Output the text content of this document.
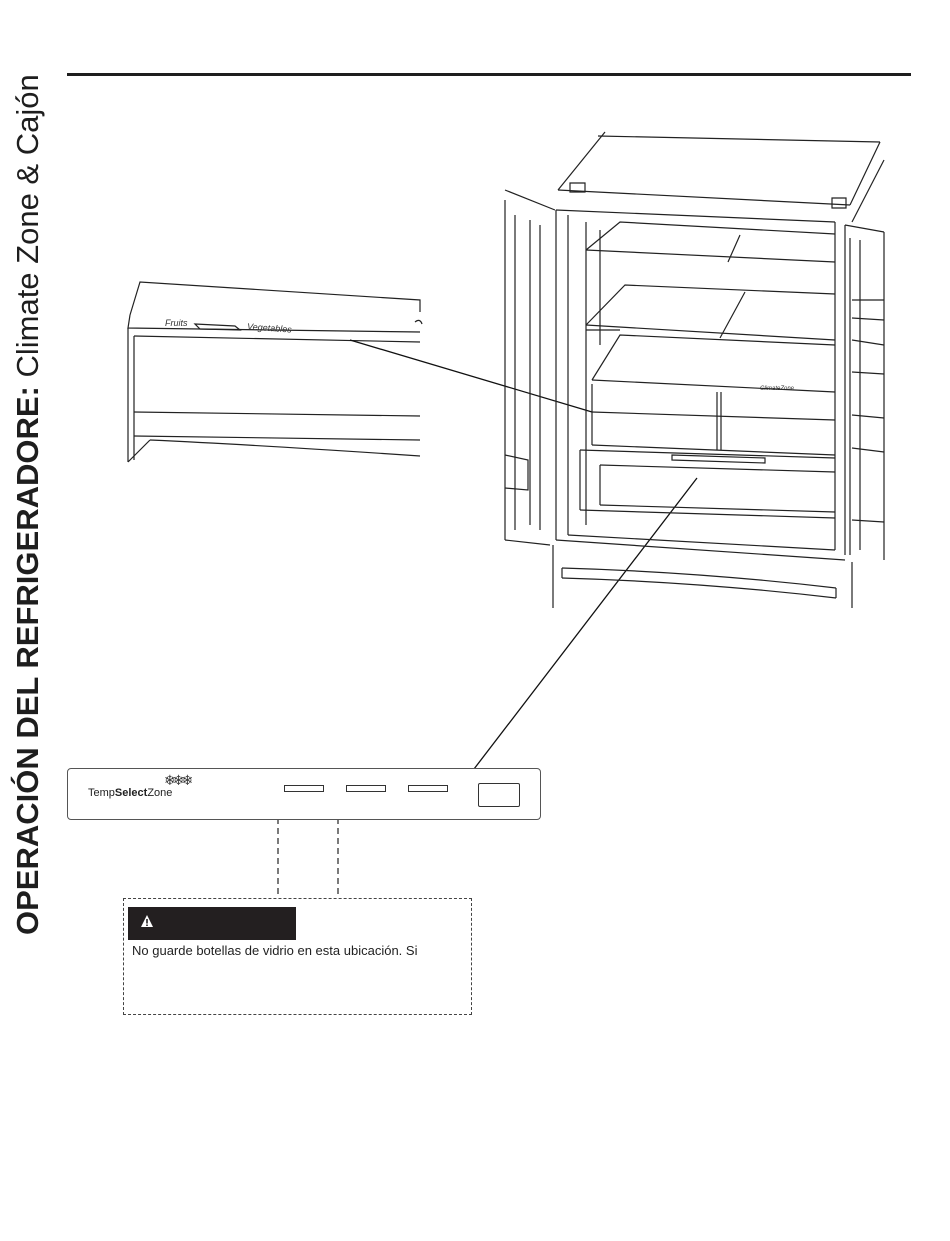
OPERACIÓN DEL REFRIGERADORE: Climate Zone & Cajón
ClimateZone
Fruits	Vegetables
TempSelectZone
❄❄❄
No guarde botellas de vidrio en esta ubicación. Si
